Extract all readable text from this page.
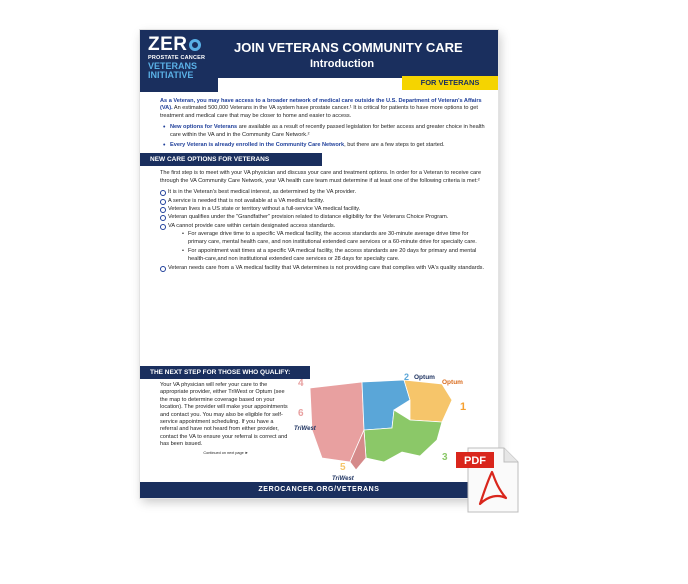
ZER
PROSTATE CANCER
VETERANS
INITIATIVE
JOIN VETERANS COMMUNITY CARE
Introduction
FOR VETERANS

As a Veteran, you may have access to a broader network of medical care outside the U.S. Department of Veteran's Affairs (VA). An estimated 500,000 Veterans in the VA system have prostate cancer.¹ It is critical for patients to have more options to get treatment and medical care that may be closer to home and easier to access.

• New options for Veterans are available as a result of recently passed legislation for better access and greater choice in health care within the VA and in the Community Care Network.²
• Every Veteran is already enrolled in the Community Care Network, but there are a few steps to get started.
NEW CARE OPTIONS FOR VETERANS

The first step is to meet with your VA physician and discuss your care and treatment options. In order for a Veteran to receive care through the VA Community Care Network, your VA health care team must determine if at least one of the following criteria is met:²

It is in the Veteran's best medical interest, as determined by the VA provider.
A service is needed that is not available at a VA medical facility.
Veteran lives in a US state or territory without a full-service VA medical facility.
Veteran qualifies under the "Grandfather" provision related to distance eligibility for the Veterans Choice Program.
VA cannot provide care within certain designated access standards.
• For average drive time to a specific VA medical facility, the access standards are 30-minute average drive time for primary care, mental health care, and non institutional extended care services or a 60-minute drive for specialty care.
• For appointment wait times at a specific VA medical facility, the access standards are 20 days for primary and mental health-care,and non institutional extended care services or 28 days for specialty care.
Veteran needs care from a VA medical facility that VA determines is not providing care that complies with VA's quality standards.
THE NEXT STEP FOR THOSE WHO QUALIFY:
Your VA physician will refer your care to the appropriate provider, either TriWest or Optum (see the map to determine coverage based on your location). The provider will make your appointments and contact you. You may also be eligible for self-service appointment scheduling. If you have a referral and have not heard from either provider, contact the VA to ensure your referral is correct and has been issued.
Continued on next page ►
2 Optum
Optum
1
4
6
5
3
TriWest
TriWest
ZEROCANCER.ORG/VETERANS
PDF
